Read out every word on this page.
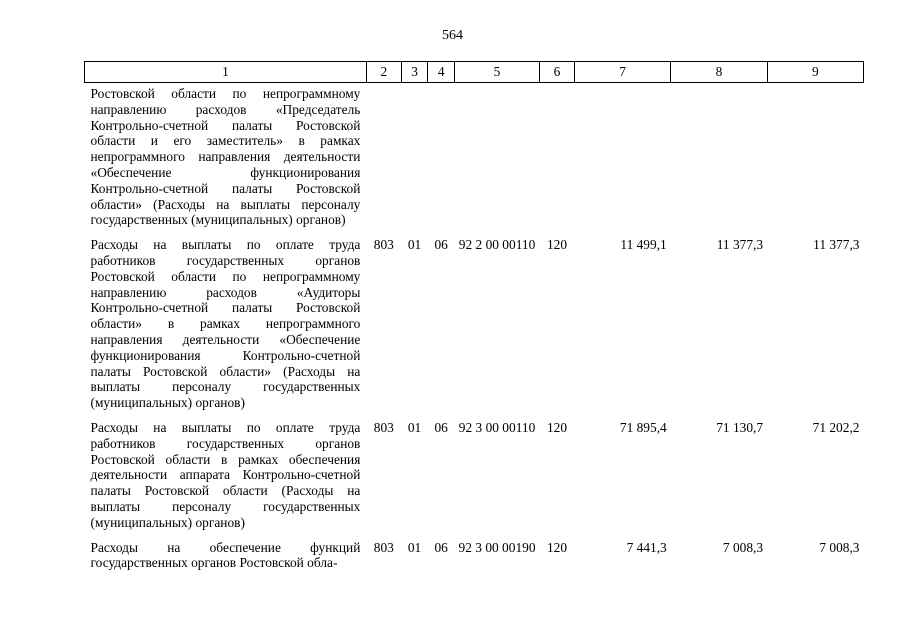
564
1	2	3	4	5	6	7	8	9
Ростовской области по непрограммному направлению расходов «Председатель Контрольно-счетной палаты Ростовской области и его заместитель» в рамках непрограммного направления деятельности «Обеспечение функционирования Контрольно-счетной палаты Ростовской области» (Расходы на выплаты персоналу государственных (муниципальных) органов)								
Расходы на выплаты по оплате труда работников государственных органов Ростовской области по непрограммному направлению расходов «Аудиторы Контрольно-счетной палаты Ростовской области» в рамках непрограммного направления деятельности «Обеспечение функционирования Контрольно-счетной палаты Ростовской области» (Расходы на выплаты персоналу государственных (муниципальных) органов)	803	01	06	92 2 00 00110	120	11 499,1	11 377,3	11 377,3
Расходы на выплаты по оплате труда работников государственных органов Ростовской области в рамках обеспечения деятельности аппарата Контрольно-счетной палаты Ростовской области (Расходы на выплаты персоналу государственных (муниципальных) органов)	803	01	06	92 3 00 00110	120	71 895,4	71 130,7	71 202,2
Расходы на обеспечение функций государственных органов Ростовской обла-	803	01	06	92 3 00 00190	120	7 441,3	7 008,3	7 008,3
